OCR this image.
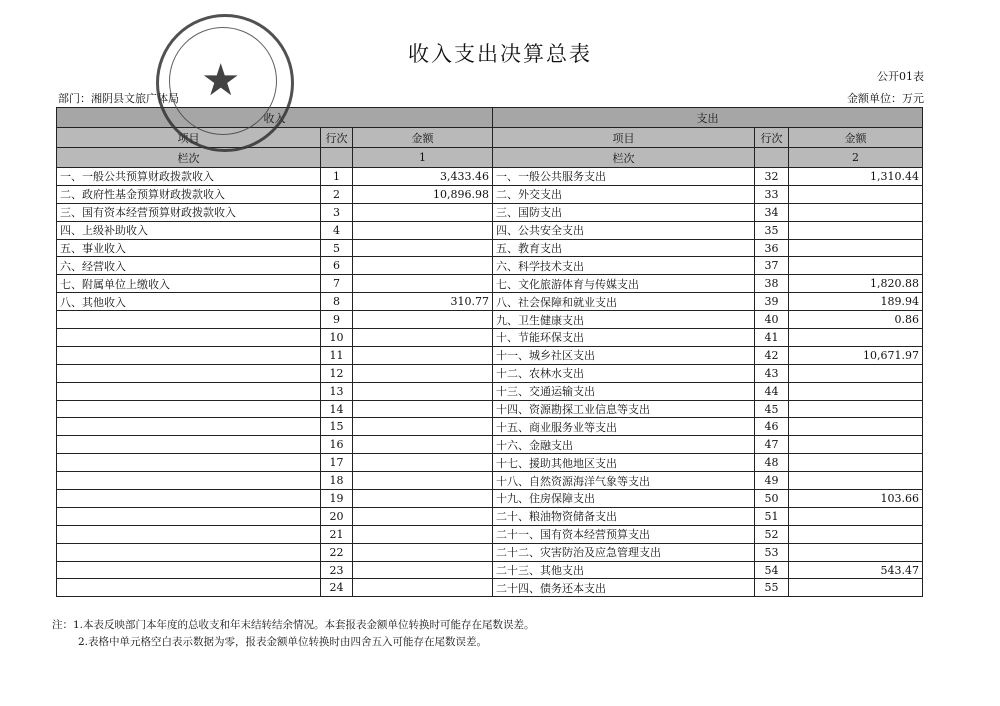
收入支出决算总表
公开01表
部门：湘阴县文旅广体局	金额单位：万元
收入			支出		
项目	行次	金额	项目	行次	金额
栏次		1	栏次		2
一、一般公共预算财政拨款收入	1	3,433.46	一、一般公共服务支出	32	1,310.44
二、政府性基金预算财政拨款收入	2	10,896.98	二、外交支出	33	
三、国有资本经营预算财政拨款收入	3		三、国防支出	34	
四、上级补助收入	4		四、公共安全支出	35	
五、事业收入	5		五、教育支出	36	
六、经营收入	6		六、科学技术支出	37	
七、附属单位上缴收入	7		七、文化旅游体育与传媒支出	38	1,820.88
八、其他收入	8	310.77	八、社会保障和就业支出	39	189.94
	9		九、卫生健康支出	40	0.86
	10		十、节能环保支出	41	
	11		十一、城乡社区支出	42	10,671.97
	12		十二、农林水支出	43	
	13		十三、交通运输支出	44	
	14		十四、资源勘探工业信息等支出	45	
	15		十五、商业服务业等支出	46	
	16		十六、金融支出	47	
	17		十七、援助其他地区支出	48	
	18		十八、自然资源海洋气象等支出	49	
	19		十九、住房保障支出	50	103.66
	20		二十、粮油物资储备支出	51	
	21		二十一、国有资本经营预算支出	52	
	22		二十二、灾害防治及应急管理支出	53	
	23		二十三、其他支出	54	543.47
	24		二十四、债务还本支出	55	
注：1.本表反映部门本年度的总收支和年末结转结余情况。本套报表金额单位转换时可能存在尾数误差。
2.表格中单元格空白表示数据为零，报表金额单位转换时由四舍五入可能存在尾数误差。
★
